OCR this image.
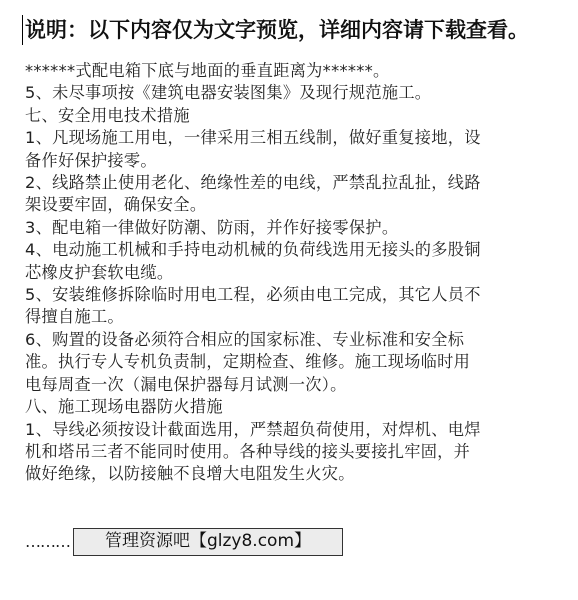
说明：以下内容仅为文字预览，详细内容请下载查看。
******式配电箱下底与地面的垂直距离为******。
5、未尽事项按《建筑电器安装图集》及现行规范施工。
七、安全用电技术措施
1、凡现场施工用电，一律采用三相五线制，做好重复接地，设
备作好保护接零。
2、线路禁止使用老化、绝缘性差的电线，严禁乱拉乱扯，线路
架设要牢固，确保安全。
3、配电箱一律做好防潮、防雨，并作好接零保护。
4、电动施工机械和手持电动机械的负荷线选用无接头的多股铜
芯橡皮护套软电缆。
5、安装维修拆除临时用电工程，必须由电工完成，其它人员不
得擅自施工。
6、购置的设备必须符合相应的国家标准、专业标准和安全标
准。执行专人专机负责制，定期检查、维修。施工现场临时用
电每周查一次（漏电保护器每月试测一次）。
八、施工现场电器防火措施
1、导线必须按设计截面选用，严禁超负荷使用，对焊机、电焊
机和塔吊三者不能同时使用。各种导线的接头要接扎牢固，并
做好绝缘，以防接触不良增大电阻发生火灾。
………	管理资源吧【glzy8.com】
